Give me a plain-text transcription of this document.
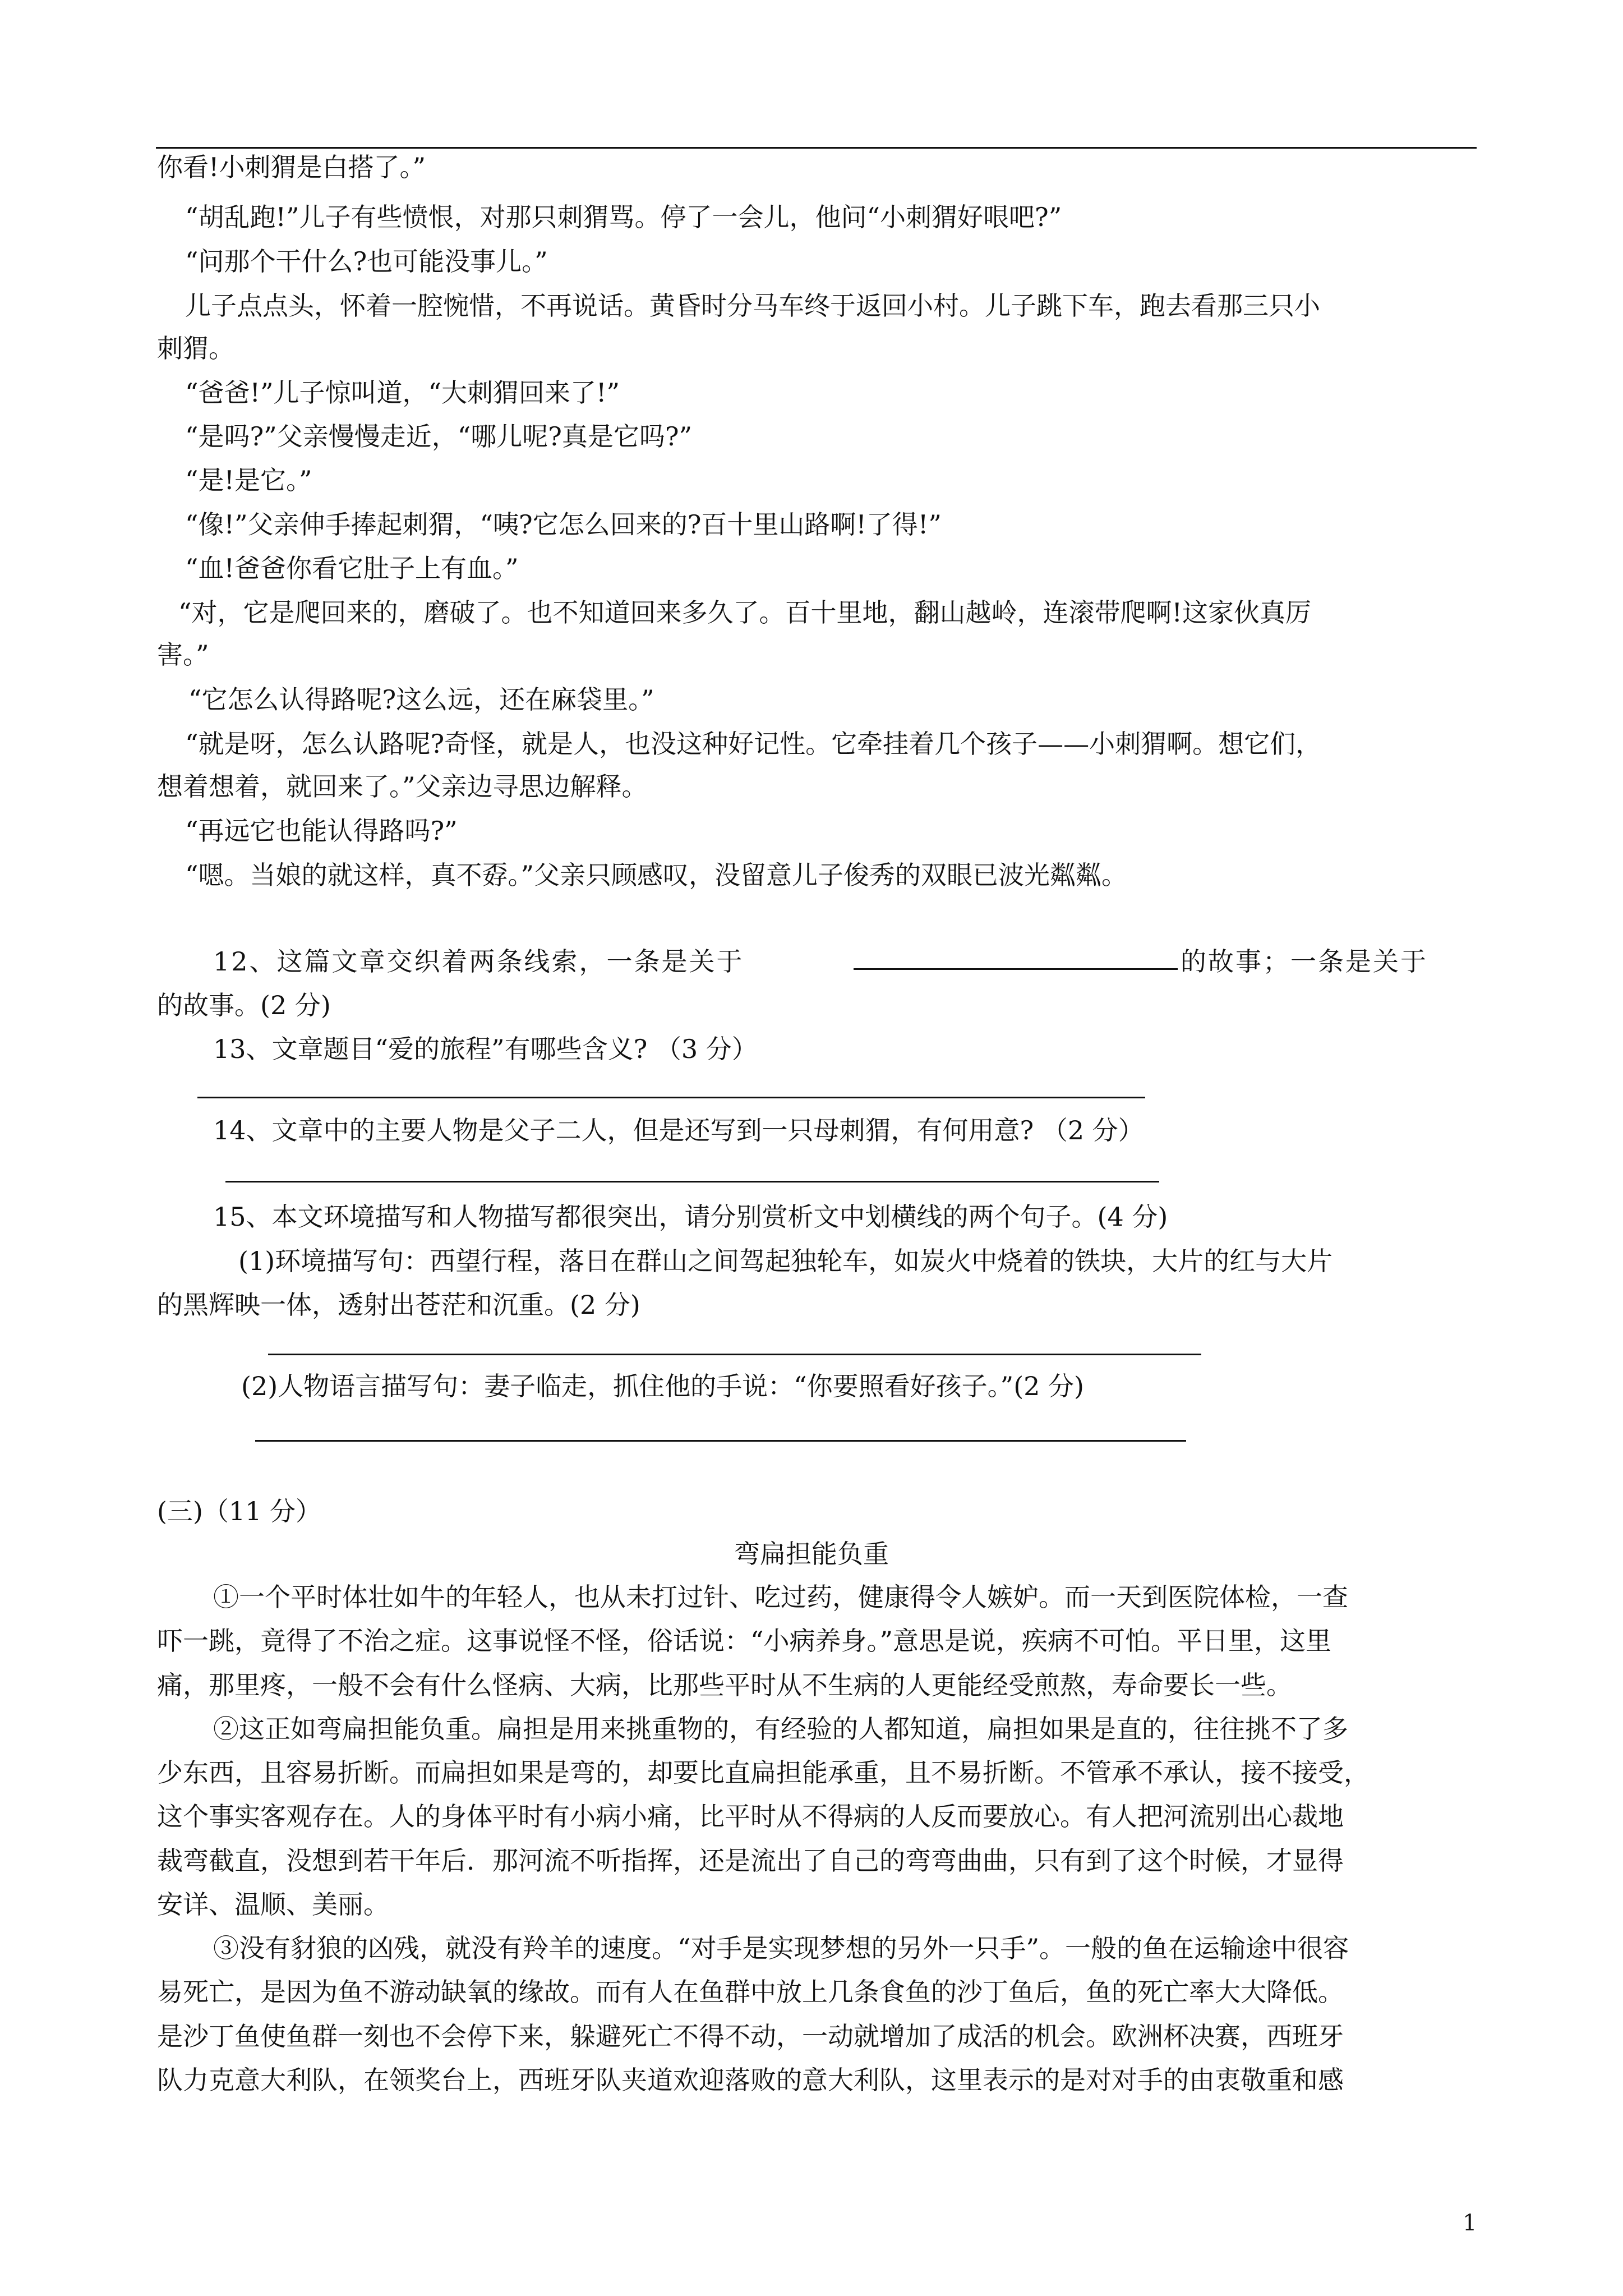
你看!小刺猬是白搭了。”
“胡乱跑!”儿子有些愤恨，对那只刺猬骂。停了一会儿，他问“小刺猬好哏吧?”
“问那个干什么?也可能没事儿。”
儿子点点头，怀着一腔惋惜，不再说话。黄昏时分马车终于返回小村。儿子跳下车，跑去看那三只小
刺猬。
“爸爸!”儿子惊叫道，“大刺猬回来了!”
“是吗?”父亲慢慢走近，“哪儿呢?真是它吗?”
“是!是它。”
“像!”父亲伸手捧起刺猬，“咦?它怎么回来的?百十里山路啊!了得!”
“血!爸爸你看它肚子上有血。”
“对，它是爬回来的，磨破了。也不知道回来多久了。百十里地，翻山越岭，连滚带爬啊!这家伙真厉
害。”
“它怎么认得路呢?这么远，还在麻袋里。”
“就是呀，怎么认路呢?奇怪，就是人，也没这种好记性。它牵挂着几个孩子——小刺猬啊。想它们，
想着想着，就回来了。”父亲边寻思边解释。
“再远它也能认得路吗?”
“嗯。当娘的就这样，真不孬。”父亲只顾感叹，没留意儿子俊秀的双眼已波光粼粼。
12、这篇文章交织着两条线索，一条是关于	的故事；一条是关于
的故事。(2 分)
13、文章题目“爱的旅程”有哪些含义? （3 分）
14、文章中的主要人物是父子二人，但是还写到一只母刺猬，有何用意? （2 分）
15、本文环境描写和人物描写都很突出，请分别赏析文中划横线的两个句子。(4 分)
(1)环境描写句：西望行程，落日在群山之间驾起独轮车，如炭火中烧着的铁块，大片的红与大片
的黑辉映一体，透射出苍茫和沉重。(2 分)
(2)人物语言描写句：妻子临走，抓住他的手说：“你要照看好孩子。”(2 分)
(三)（11 分）
弯扁担能负重
①一个平时体壮如牛的年轻人，也从未打过针、吃过药，健康得令人嫉妒。而一天到医院体检，一查
吓一跳，竟得了不治之症。这事说怪不怪，俗话说：“小病养身。”意思是说，疾病不可怕。平日里，这里
痛，那里疼，一般不会有什么怪病、大病，比那些平时从不生病的人更能经受煎熬，寿命要长一些。
②这正如弯扁担能负重。扁担是用来挑重物的，有经验的人都知道，扁担如果是直的，往往挑不了多
少东西，且容易折断。而扁担如果是弯的，却要比直扁担能承重，且不易折断。不管承不承认，接不接受，
这个事实客观存在。人的身体平时有小病小痛，比平时从不得病的人反而要放心。有人把河流别出心裁地
裁弯截直，没想到若干年后．那河流不听指挥，还是流出了自己的弯弯曲曲，只有到了这个时候，才显得
安详、温顺、美丽。
③没有豺狼的凶残，就没有羚羊的速度。“对手是实现梦想的另外一只手”。一般的鱼在运输途中很容
易死亡，是因为鱼不游动缺氧的缘故。而有人在鱼群中放上几条食鱼的沙丁鱼后，鱼的死亡率大大降低。
是沙丁鱼使鱼群一刻也不会停下来，躲避死亡不得不动，一动就增加了成活的机会。欧洲杯决赛，西班牙
队力克意大利队，在领奖台上，西班牙队夹道欢迎落败的意大利队，这里表示的是对对手的由衷敬重和感
1
